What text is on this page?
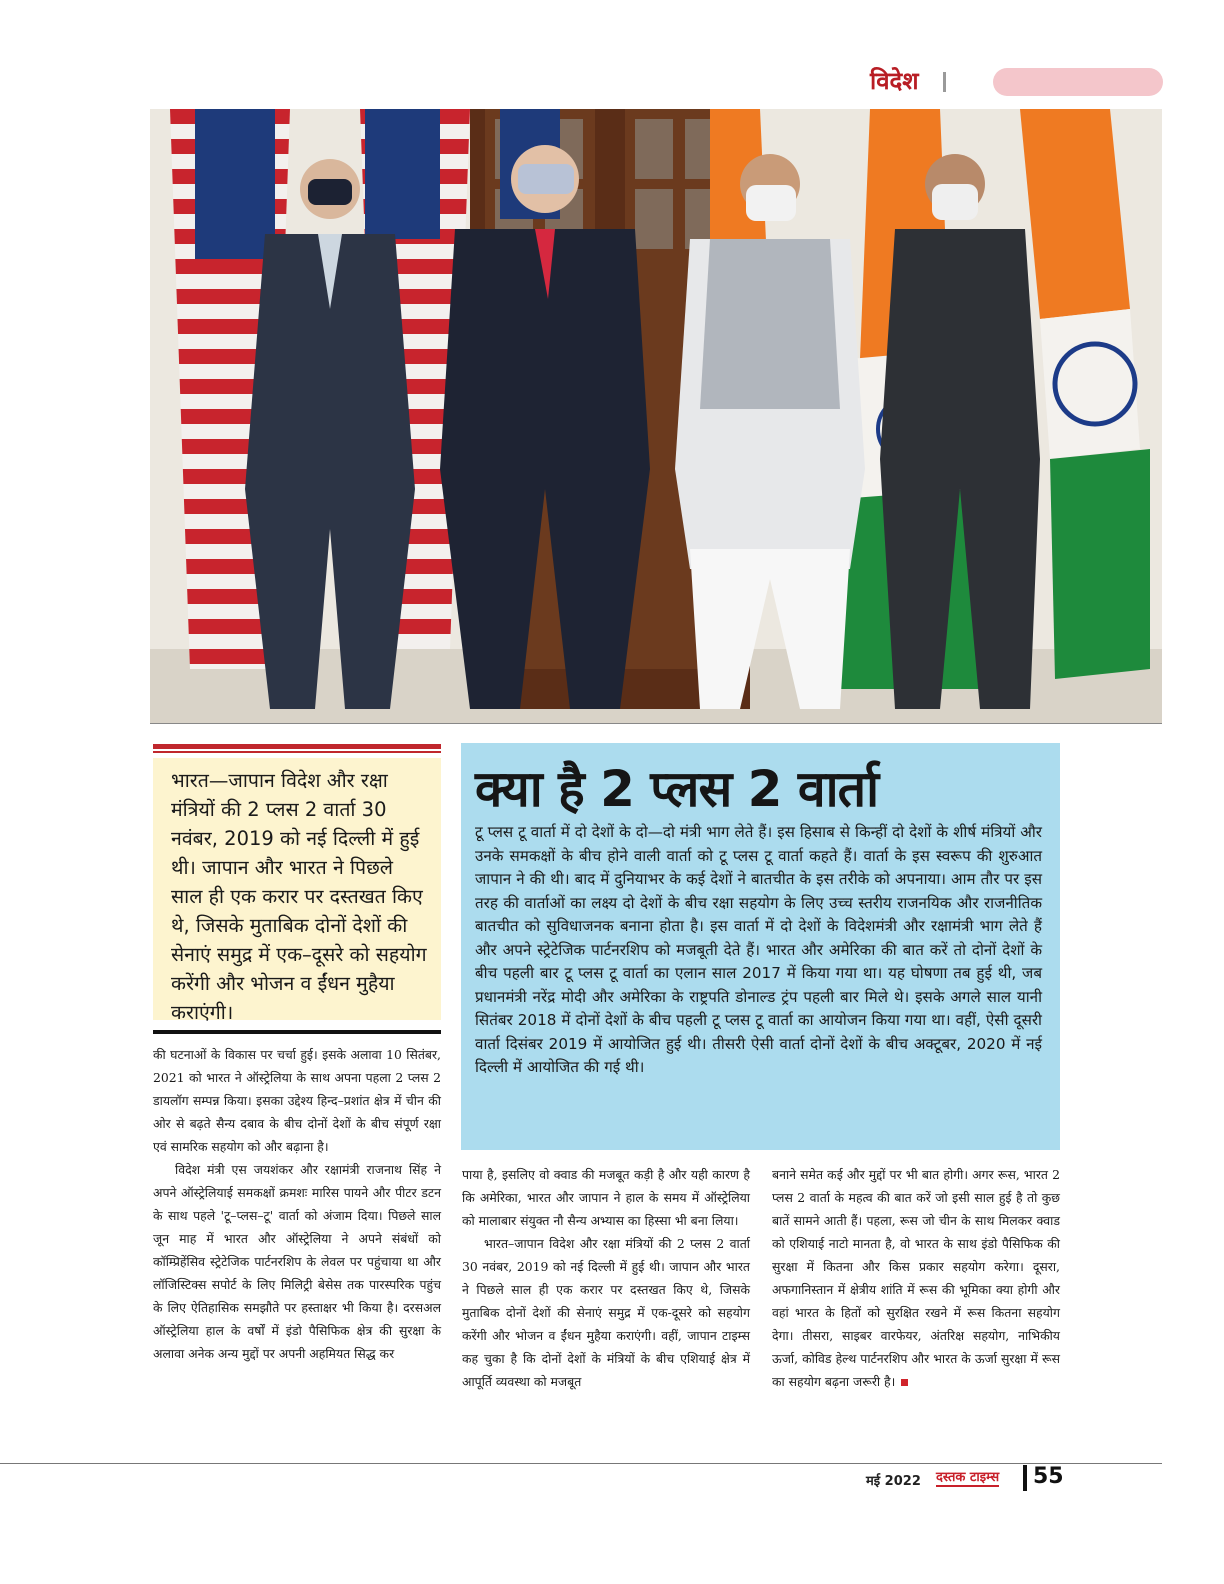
विदेश
भारत—जापान विदेश और रक्षा मंत्रियों की 2 प्लस 2 वार्ता 30 नवंबर, 2019 को नई दिल्ली में हुई थी। जापान और भारत ने पिछले साल ही एक करार पर दस्तखत किए थे, जिसके मुताबिक दोनों देशों की सेनाएं समुद्र में एक–दूसरे को सहयोग करेंगी और भोजन व ईंधन मुहैया कराएंगी।
क्या है 2 प्लस 2 वार्ता

टू प्लस टू वार्ता में दो देशों के दो—दो मंत्री भाग लेते हैं। इस हिसाब से किन्हीं दो देशों के शीर्ष मंत्रियों और उनके समकक्षों के बीच होने वाली वार्ता को टू प्लस टू वार्ता कहते हैं। वार्ता के इस स्वरूप की शुरुआत जापान ने की थी। बाद में दुनियाभर के कई देशों ने बातचीत के इस तरीके को अपनाया। आम तौर पर इस तरह की वार्ताओं का लक्ष्य दो देशों के बीच रक्षा सहयोग के लिए उच्च स्तरीय राजनयिक और राजनीतिक बातचीत को सुविधाजनक बनाना होता है। इस वार्ता में दो देशों के विदेशमंत्री और रक्षामंत्री भाग लेते हैं और अपने स्ट्रेटेजिक पार्टनरशिप को मजबूती देते हैं। भारत और अमेरिका की बात करें तो दोनों देशों के बीच पहली बार टू प्लस टू वार्ता का एलान साल 2017 में किया गया था। यह घोषणा तब हुई थी, जब प्रधानमंत्री नरेंद्र मोदी और अमेरिका के राष्ट्रपति डोनाल्ड ट्रंप पहली बार मिले थे। इसके अगले साल यानी सितंबर 2018 में दोनों देशों के बीच पहली टू प्लस टू वार्ता का आयोजन किया गया था। वहीं, ऐसी दूसरी वार्ता दिसंबर 2019 में आयोजित हुई थी। तीसरी ऐसी वार्ता दोनों देशों के बीच अक्टूबर, 2020 में नई दिल्ली में आयोजित की गई थी।

की घटनाओं के विकास पर चर्चा हुई। इसके अलावा 10 सितंबर, 2021 को भारत ने ऑस्ट्रेलिया के साथ अपना पहला 2 प्लस 2 डायलॉग सम्पन्न किया। इसका उद्देश्य हिन्द–प्रशांत क्षेत्र में चीन की ओर से बढ़ते सैन्य दबाव के बीच दोनों देशों के बीच संपूर्ण रक्षा एवं सामरिक सहयोग को और बढ़ाना है।

विदेश मंत्री एस जयशंकर और रक्षामंत्री राजनाथ सिंह ने अपने ऑस्ट्रेलियाई समकक्षों क्रमशः मारिस पायने और पीटर डटन के साथ पहले 'टू–प्लस–टू' वार्ता को अंजाम दिया। पिछले साल जून माह में भारत और ऑस्ट्रेलिया ने अपने संबंधों को कॉम्प्रिहेंसिव स्ट्रेटेजिक पार्टनरशिप के लेवल पर पहुंचाया था और लॉजिस्टिक्स सपोर्ट के लिए मिलिट्री बेसेस तक पारस्परिक पहुंच के लिए ऐतिहासिक समझौते पर हस्ताक्षर भी किया है। दरसअल ऑस्ट्रेलिया हाल के वर्षों में इंडो पैसिफिक क्षेत्र की सुरक्षा के अलावा अनेक अन्य मुद्दों पर अपनी अहमियत सिद्ध कर

पाया है, इसलिए वो क्वाड की मजबूत कड़ी है और यही कारण है कि अमेरिका, भारत और जापान ने हाल के समय में ऑस्ट्रेलिया को मालाबार संयुक्त नौ सैन्य अभ्यास का हिस्सा भी बना लिया।

भारत–जापान विदेश और रक्षा मंत्रियों की 2 प्लस 2 वार्ता 30 नवंबर, 2019 को नई दिल्ली में हुई थी। जापान और भारत ने पिछले साल ही एक करार पर दस्तखत किए थे, जिसके मुताबिक दोनों देशों की सेनाएं समुद्र में एक-दूसरे को सहयोग करेंगी और भोजन व ईंधन मुहैया कराएंगी। वहीं, जापान टाइम्स कह चुका है कि दोनों देशों के मंत्रियों के बीच एशियाई क्षेत्र में आपूर्ति व्यवस्था को मजबूत

बनाने समेत कई और मुद्दों पर भी बात होगी। अगर रूस, भारत 2 प्लस 2 वार्ता के महत्व की बात करें जो इसी साल हुई है तो कुछ बातें सामने आती हैं। पहला, रूस जो चीन के साथ मिलकर क्वाड को एशियाई नाटो मानता है, वो भारत के साथ इंडो पैसिफिक की सुरक्षा में कितना और किस प्रकार सहयोग करेगा। दूसरा, अफगानिस्तान में क्षेत्रीय शांति में रूस की भूमिका क्या होगी और वहां भारत के हितों को सुरक्षित रखने में रूस कितना सहयोग देगा। तीसरा, साइबर वारफेयर, अंतरिक्ष सहयोग, नाभिकीय ऊर्जा, कोविड हेल्थ पार्टनरशिप और भारत के ऊर्जा सुरक्षा में रूस का सहयोग बढ़ना जरूरी है।

मई 2022 दस्तक टाइम्स 55
